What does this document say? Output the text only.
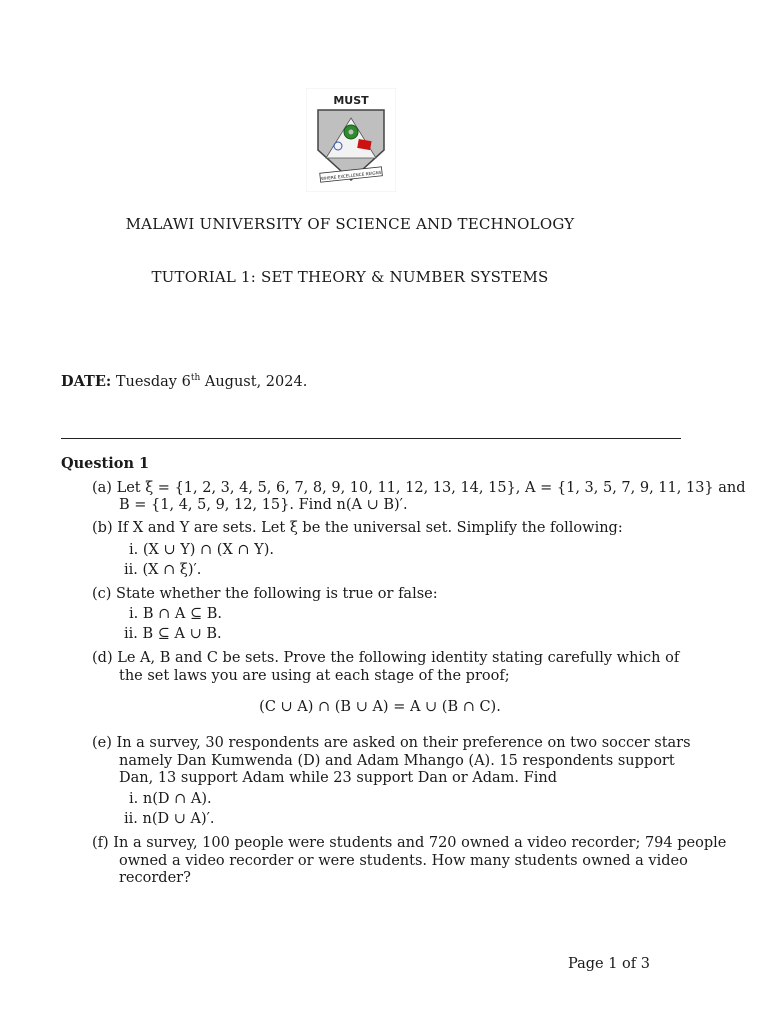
MUST
WHERE EXCELLENCE REIGNS
MALAWI UNIVERSITY OF SCIENCE AND TECHNOLOGY
TUTORIAL 1: SET THEORY & NUMBER SYSTEMS
DATE: Tuesday 6th August, 2024.
Question 1
(a) Let ξ = {1, 2, 3, 4, 5, 6, 7, 8, 9, 10, 11, 12, 13, 14, 15}, A = {1, 3, 5, 7, 9, 11, 13} and
B = {1, 4, 5, 9, 12, 15}. Find n(A ∪ B)′.
(b) If X and Y are sets. Let ξ be the universal set. Simplify the following:
i. (X ∪ Y) ∩ (X ∩ Y).
ii. (X ∩ ξ)′.
(c) State whether the following is true or false:
i. B ∩ A ⊆ B.
ii. B ⊆ A ∪ B.
(d) Le A, B and C be sets. Prove the following identity stating carefully which of
the set laws you are using at each stage of the proof;
(C ∪ A) ∩ (B ∪ A) = A ∪ (B ∩ C).
(e) In a survey, 30 respondents are asked on their preference on two soccer stars
namely Dan Kumwenda (D) and Adam Mhango (A). 15 respondents support
Dan, 13 support Adam while 23 support Dan or Adam. Find
i. n(D ∩ A).
ii. n(D ∪ A)′.
(f) In a survey, 100 people were students and 720 owned a video recorder; 794 people
owned a video recorder or were students. How many students owned a video
recorder?
Page 1 of 3
